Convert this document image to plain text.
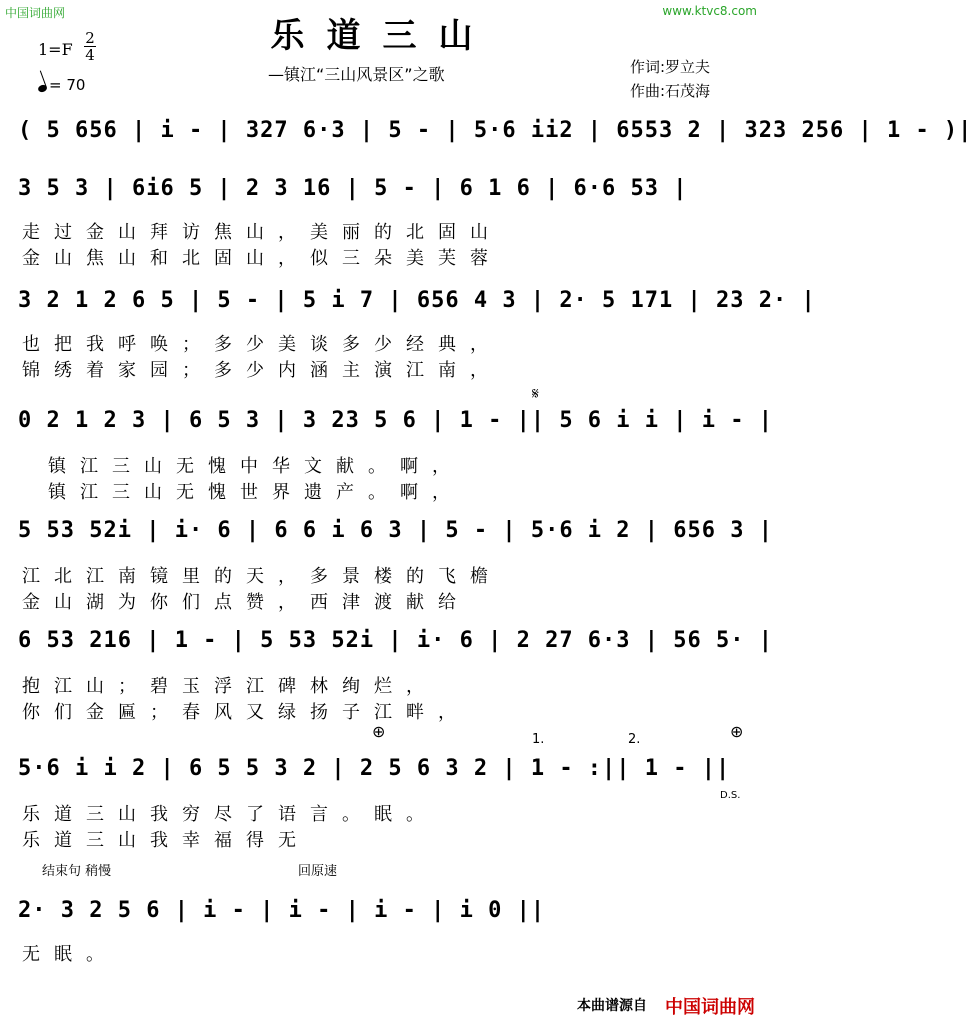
中国词曲网	www.ktvc8.com
乐道三山
—镇江“三山风景区”之歌
1=F
2
4
= 70
作词:罗立夫
作曲:石茂海
( 5 656 | i - | 327 6·3 | 5 - | 5·6 ii2 | 6553 2 | 323 256 | 1 - )|
3 5 3 | 6i6 5 | 2 3 16 | 5 - | 6 1 6 | 6·6 53 |
走过金山拜访焦山，美丽的北固山
金山焦山和北固山，似三朵美芙蓉
3 2 1 2 6 5 | 5 - | 5 i 7 | 656 4 3 | 2· 5 171 | 23 2· |
也把我呼唤；多少美谈多少经典，
锦绣着家园；多少内涵主演江南，
𝄋
0 2 1 2 3 | 6 5 3 | 3 23 5 6 | 1 - || 5 6 i i | i - |
镇江三山无愧中华文献。啊，
镇江三山无愧世界遗产。啊，
5 53 52i | i· 6 | 6 6 i 6 3 | 5 - | 5·6 i 2 | 656 3 |
江北江南镜里的天，多景楼的飞檐
金山湖为你们点赞，西津渡献给
6 53 216 | 1 - | 5 53 52i | i· 6 | 2 27 6·3 | 56 5· |
抱江山；碧玉浮江碑林绚烂，
你们金匾；春风又绿扬子江畔，
⊕	⊕
1.	2.
5·6 i i 2 | 6 5 5 3 2 | 2 5 6 3 2 | 1 - :|| 1 - ||
D.S.
乐道三山我穷尽了语言。眠。
乐道三山我幸福得无
结束句 稍慢	回原速
2· 3 2 5 6 | i - | i - | i - | i 0 ||
无眠。
本曲谱源自 中国词曲网
